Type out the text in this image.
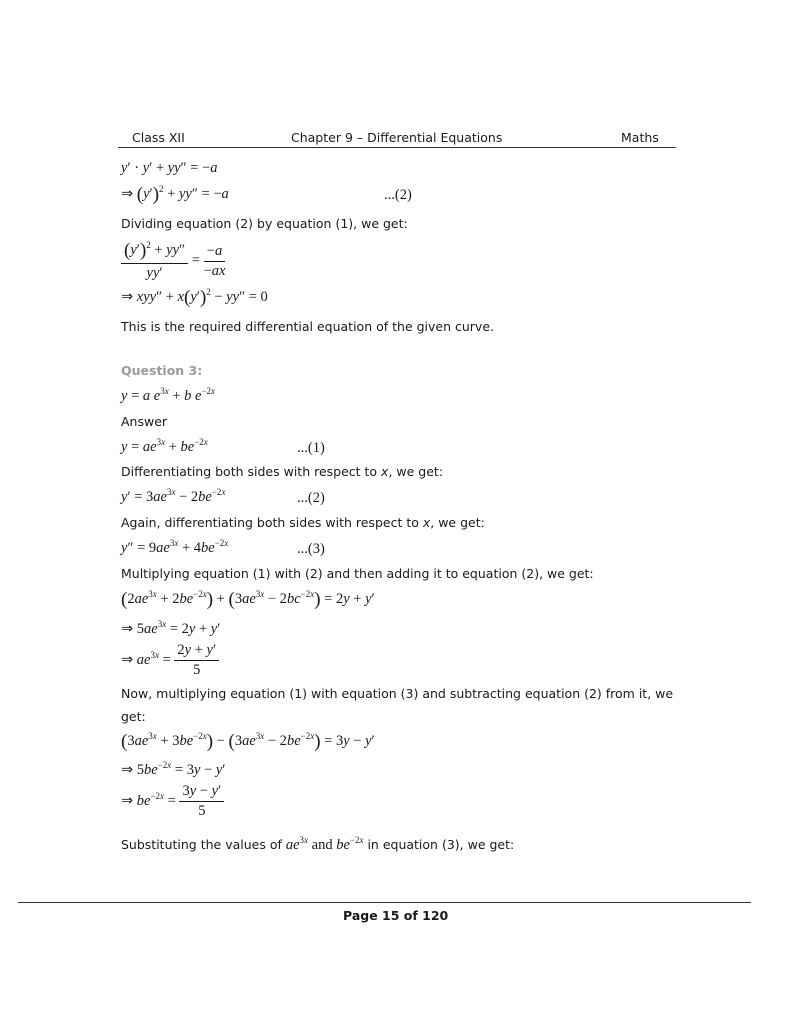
Class XII	Chapter 9 – Differential Equations	Maths
y′ · y′ + yy″ = −a
⇒ $(y')^2 + yy'' = -a$	...(2)
Dividing equation (2) by equation (1), we get:
$\frac{(y')^2 + yy''}{yy'} = \frac{-a}{-ax}$
⇒ $xyy'' + x(y')^2 - yy'' = 0$
This is the required differential equation of the given curve.
Question 3:
y = a $e^{3x} + b$ $e^{-2x}$
Answer
$y = ae^{3x} + be^{-2x}$	...(1)
Differentiating both sides with respect to x, we get:
$y' = 3ae^{3x} - 2be^{-2x}$	...(2)
Again, differentiating both sides with respect to x, we get:
$y'' = 9ae^{3x} + 4be^{-2x}$	...(3)
Multiplying equation (1) with (2) and then adding it to equation (2), we get:
$(2ae^{3x} + 2be^{-2x}) + (3ae^{3x} - 2bc^{-2x}) = 2y + y'$
⇒ $5ae^{3x} = 2y + y'$
⇒ $ae^{3x} = \frac{2y + y'}{5}$
Now, multiplying equation (1) with equation (3) and subtracting equation (2) from it, we
get:
$(3ae^{3x} + 3be^{-2x}) - (3ae^{3x} - 2be^{-2x}) = 3y - y'$
⇒ $5be^{-2x} = 3y - y'$
⇒ $be^{-2x} = \frac{3y - y'}{5}$
Substituting the values of $ae^{3x}$ and $be^{-2x}$ in equation (3), we get:
Page 15 of 120
